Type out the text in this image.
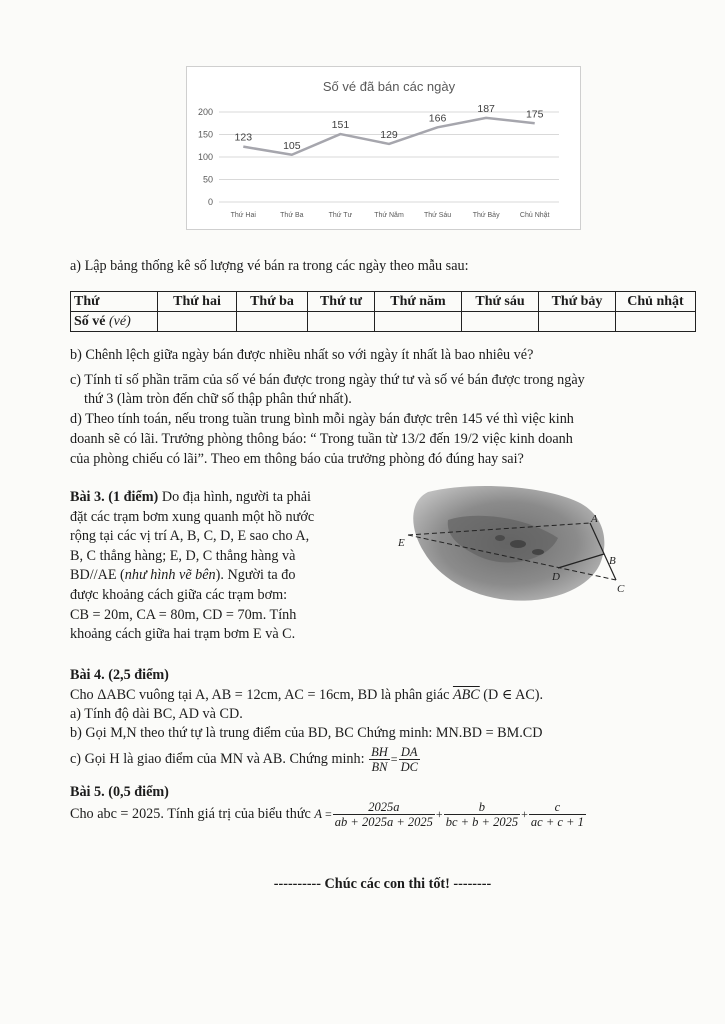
Số vé đã bán các ngày
0
50
100
150
200
123
105
151
129
166
187	175
Thứ Hai	Thứ Ba	Thứ Tư	Thứ Năm	Thứ Sáu	Thứ Bảy	Chủ Nhật

a) Lập bảng thống kê số lượng vé bán ra trong các ngày theo mẫu sau:

Thứ	Thứ hai	Thứ ba	Thứ tư	Thứ năm	Thứ sáu	Thứ bảy	Chủ nhật
Số vé (vé)							

b) Chênh lệch giữa ngày bán được nhiều nhất so với ngày ít nhất là bao nhiêu vé?

c) Tính tỉ số phần trăm của số vé bán được trong ngày thứ tư và số vé bán được trong ngày

thứ 3 (làm tròn đến chữ số thập phân thứ nhất).

d) Theo tính toán, nếu trong tuần trung bình mỗi ngày bán được trên 145 vé thì việc kinh

doanh sẽ có lãi. Trưởng phòng thông báo: “ Trong tuần từ 13/2 đến 19/2 việc kinh doanh

của phòng chiếu có lãi”. Theo em thông báo của trưởng phòng đó đúng hay sai?

Bài 3. (1 điểm) Do địa hình, người ta phải
đặt các trạm bơm xung quanh một hồ nước
rộng tại các vị trí A, B, C, D, E sao cho A,
B, C thẳng hàng; E, D, C thẳng hàng và
BD//AE (như hình vẽ bên). Người ta đo
được khoảng cách giữa các trạm bơm:
CB = 20m, CA = 80m, CD = 70m. Tính
khoảng cách giữa hai trạm bơm E và C.
A
B
C
D
E

Bài 4. (2,5 điểm)

Cho ΔABC vuông tại A, AB = 12cm, AC = 16cm, BD là phân giác $\overline{ABC}$ (D ∈ AC).

a) Tính độ dài BC, AD và CD.

b) Gọi M,N theo thứ tự là trung điểm của BD, BC Chứng minh: MN.BD = BM.CD

c) Gọi H là giao điểm của MN và AB. Chứng minh: $\frac{BH}{BN} = \frac{DA}{DC}$

Bài 5. (0,5 điểm)

Cho abc = 2025. Tính giá trị của biểu thức $A = \frac{2025a}{ab + 2025a + 2025} + \frac{b}{bc + b + 2025} + \frac{c}{ac + c + 1}$

---------- Chúc các con thi tốt! --------
